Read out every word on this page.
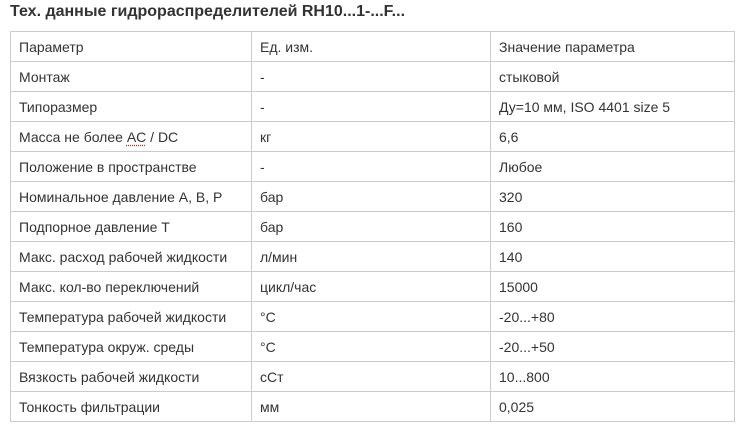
Тех. данные гидрораспределителей RH10...1-...F...
Параметр	Ед. изм.	Значение параметра
Монтаж	-	стыковой
Типоразмер	-	Ду=10 мм, ISO 4401 size 5
Масса не более AC / DC	кг	6,6
Положение в пространстве	-	Любое
Номинальное давление A, B, P	бар	320
Подпорное давление T	бар	160
Макс. расход рабочей жидкости	л/мин	140
Макс. кол-во переключений	цикл/час	15000
Температура рабочей жидкости	°C	-20...+80
Температура окруж. среды	°C	-20...+50
Вязкость рабочей жидкости	сСт	10...800
Тонкость фильтрации	мм	0,025
